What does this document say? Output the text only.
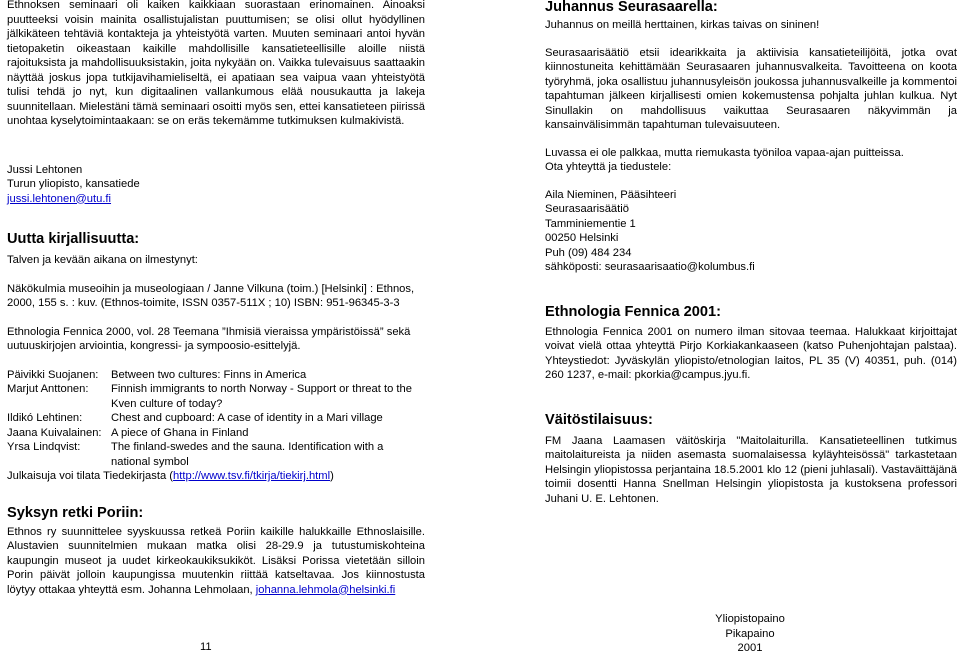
Ethnoksen seminaari oli kaiken kaikkiaan suorastaan erinomainen. Ainoaksi puutteeksi voisin mainita osallistujalistan puuttumisen; se olisi ollut hyödyllinen jälkikäteen tehtäviä kontakteja ja yhteistyötä varten. Muuten seminaari antoi hyvän tietopaketin oikeastaan kaikille mahdollisille kansatieteellisille aloille niistä rajoituksista ja mahdollisuuksistakin, joita nykyään on. Vaikka tulevaisuus saattaakin näyttää joskus jopa tutkijavihamieliseltä, ei apatiaan sea vaipua vaan yhteistyötä tulisi tehdä jo nyt, kun digitaalinen vallankumous elää nousukautta ja lakeja suunnitellaan. Mielestäni tämä seminaari osoitti myös sen, ettei kansatieteen piirissä unohtaa kyselytoimintaakaan: se on eräs tekemämme tutkimuksen kulmakivistä.

Jussi Lehtonen
Turun yliopisto, kansatiede
jussi.lehtonen@utu.fi
Uutta kirjallisuutta:

Talven ja kevään aikana on ilmestynyt:

Näkökulmia museoihin ja museologiaan / Janne Vilkuna (toim.) [Helsinki] : Ethnos, 2000, 155 s. : kuv. (Ethnos-toimite, ISSN 0357-511X ; 10) ISBN: 951-96345-3-3

Ethnologia Fennica 2000, vol. 28 Teemana ”Ihmisiä vieraissa ympäristöissä” sekä uutuuskirjojen arviointia, kongressi- ja sympoosio-esittelyjä.

Päivikki Suojanen:	Between two cultures: Finns in America
Marjut Anttonen:	Finnish immigrants to north Norway - Support or threat to the Kven culture of today?
Ildikó Lehtinen:	Chest and cupboard: A case of identity in a Mari village
Jaana Kuivalainen:	A piece of Ghana in Finland
Yrsa Lindqvist:	The finland-swedes and the sauna. Identification with a national symbol

Julkaisuja voi tilata Tiedekirjasta (http://www.tsv.fi/tkirja/tiekirj.html)

Syksyn retki Poriin:

Ethnos ry suunnittelee syyskuussa retkeä Poriin kaikille halukkaille Ethnoslaisille. Alustavien suunnitelmien mukaan matka olisi 28-29.9 ja tutustumiskohteina kaupungin museot ja uudet kirkeokaukiksukiköt. Lisäksi Porissa vietetään silloin Porin päivät jolloin kaupungissa muutenkin riittää katseltavaa. Jos kiinnostusta löytyy ottakaa yhteyttä esm. Johanna Lehmolaan, johanna.lehmola@helsinki.fi

11
Juhannus Seurasaarella:

Juhannus on meillä herttainen, kirkas taivas on sininen!

Seurasaarisäätiö etsii idearikkaita ja aktiivisia kansatieteilijöitä, jotka ovat kiinnostuneita kehittämään Seurasaaren juhannusvalkeita. Tavoitteena on koota työryhmä, joka osallistuu juhannusyleisön joukossa juhannusvalkeille ja kommentoi tapahtuman jälkeen kirjallisesti omien kokemustensa pohjalta juhlan kulkua. Nyt Sinullakin on mahdollisuus vaikuttaa Seurasaaren näkyvimmän ja kansainvälisimmän tapahtuman tulevaisuuteen.

Luvassa ei ole palkkaa, mutta riemukasta työniloa vapaa-ajan puitteissa.

Ota yhteyttä ja tiedustele:

Aila Nieminen, Pääsihteeri
Seurasaarisäätiö
Tamminiementie 1
00250 Helsinki
Puh (09) 484 234
sähköposti: seurasaarisaatio@kolumbus.fi
Ethnologia Fennica 2001:

Ethnologia Fennica 2001 on numero ilman sitovaa teemaa. Halukkaat kirjoittajat voivat vielä ottaa yhteyttä Pirjo Korkiakankaaseen (katso Puhenjohtajan palstaa). Yhteystiedot: Jyväskylän yliopisto/etnologian laitos, PL 35 (V) 40351, puh. (014) 260 1237, e-mail: pkorkia@campus.jyu.fi.

Väitöstilaisuus:

FM Jaana Laamasen väitöskirja "Maitolaiturilla. Kansatieteellinen tutkimus maitolaitureista ja niiden asemasta suomalaisessa kyläyhteisössä" tarkastetaan Helsingin yliopistossa perjantaina 18.5.2001 klo 12 (pieni juhlasali). Vastaväittäjänä toimii dosentti Hanna Snellman Helsingin yliopistosta ja kustoksena professori Juhani U. E. Lehtonen.

Yliopistopaino
Pikapaino
2001
